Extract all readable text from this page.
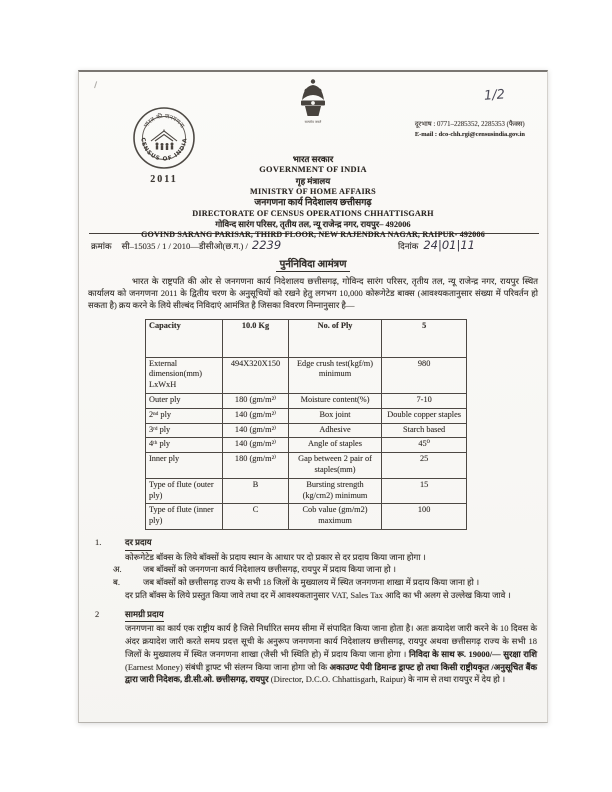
भारत की जनगणना
CENSUS OF INDIA
2011
सत्यमेव जयते
1/2
दूरभाष : 0771–2285352, 2285353 (फैक्स)
E-mail : dco-chh.rgi@censusindia.gov.in
भारत सरकार
GOVERNMENT OF INDIA
गृह मंत्रालय
MINISTRY OF HOME AFFAIRS
जनगणना कार्य निदेशालय छत्तीसगढ़
DIRECTORATE OF CENSUS OPERATIONS CHHATTISGARH
गोविन्द सारंग परिसर, तृतीय तल, न्यू राजेन्द्र नगर, रायपुर– 492006
GOVIND SARANG PARISAR, THIRD FLOOR, NEW RAJENDRA NAGAR, RAIPUR- 492006
क्रमांक सी–15035 / 1 / 2010—डीसीओ(छ.ग.) / 2239	दिनांक 24|01|11
पुर्ननिविदा आमंत्रण

भारत के राष्ट्रपति की ओर से जनगणना कार्य निदेशालय छत्तीसगढ़, गोविन्द सारंग परिसर, तृतीय तल, न्यू राजेन्द्र नगर, रायपुर स्थित कार्यालय को जनगणना 2011 के द्वितीय चरण के अनुसूचियों को रखने हेतु लगभग 10,000 कोरूगेटेड बाक्स (आवश्यकतानुसार संख्या में परिवर्तन हो सकता है) क्रय करने के लिये सील्बंद निविदाएं आमंत्रित है जिसका विवरण निम्नानुसार है—

Capacity	10.0 Kg	No. of Ply	5
External dimension(mm) LxWxH	494X320X150	Edge crush test(kgf/m) minimum	980
Outer ply	180 (gm/m²⁾	Moisture content(%)	7-10
2ⁿᵈ ply	140 (gm/m²⁾	Box joint	Double copper staples
3ʳᵈ ply	140 (gm/m²⁾	Adhesive	Starch based
4ᵗʰ ply	140 (gm/m²⁾	Angle of staples	45⁰
Inner ply	180 (gm/m²⁾	Gap between 2 pair of staples(mm)	25
Type of flute (outer ply)	B	Bursting strength (kg/cm2) minimum	15
Type of flute (inner ply)	C	Cob value (gm/m2) maximum	100
1.	दर प्रदाय
कोरूगेटेड बॉक्स के लिये बॉक्सों के प्रदाय स्थान के आधार पर दो प्रकार से दर प्रदाय किया जाना होगा ।
अ.	जब बॉक्सों को जनगणना कार्य निदेशालय छत्तीसगढ़, रायपुर में प्रदाय किया जाना हो ।
ब.	जब बॉक्सों को छत्तीसगढ़ राज्य के सभी 18 जिलों के मुख्यालय में स्थित जनगणना शाखा में प्रदाय किया जाना हो ।
दर प्रति बॉक्स के लिये प्रस्तुत किया जावे तथा दर में आवश्यकतानुसार VAT, Sales Tax आदि का भी अलग से उल्लेख किया जावे ।
2	सामग्री प्रदाय
जनगणना का कार्य एक राष्ट्रीय कार्य है जिसे निर्धारित समय सीमा में संपादित किया जाना होता है। अतः क्रयादेश जारी करने के 10 दिवस के अंदर क्रयादेश जारी करते समय प्रदत्त सूची के अनुरूप जनगणना कार्य निदेशालय छत्तीसगढ़, रायपुर अथवा छत्तीसगढ़ राज्य के सभी 18 जिलों के मुख्यालय में स्थित जनगणना शाखा (जैसी भी स्थिति हो) में प्रदाय किया जाना होगा । निविदा के साथ रू. 19000/— सुरक्षा राशि (Earnest Money) संबंधी ड्राफ्ट भी संलग्न किया जाना होगा जो कि अकाउण्ट पेयी डिमान्ड ड्राफ्ट हो तथा किसी राष्ट्रीयकृत /अनुसूचित बैंक द्वारा जारी निदेशक, डी.सी.ओ. छत्तीसगढ़, रायपुर (Director, D.C.O. Chhattisgarh, Raipur) के नाम से तथा रायपुर में देय हो ।
